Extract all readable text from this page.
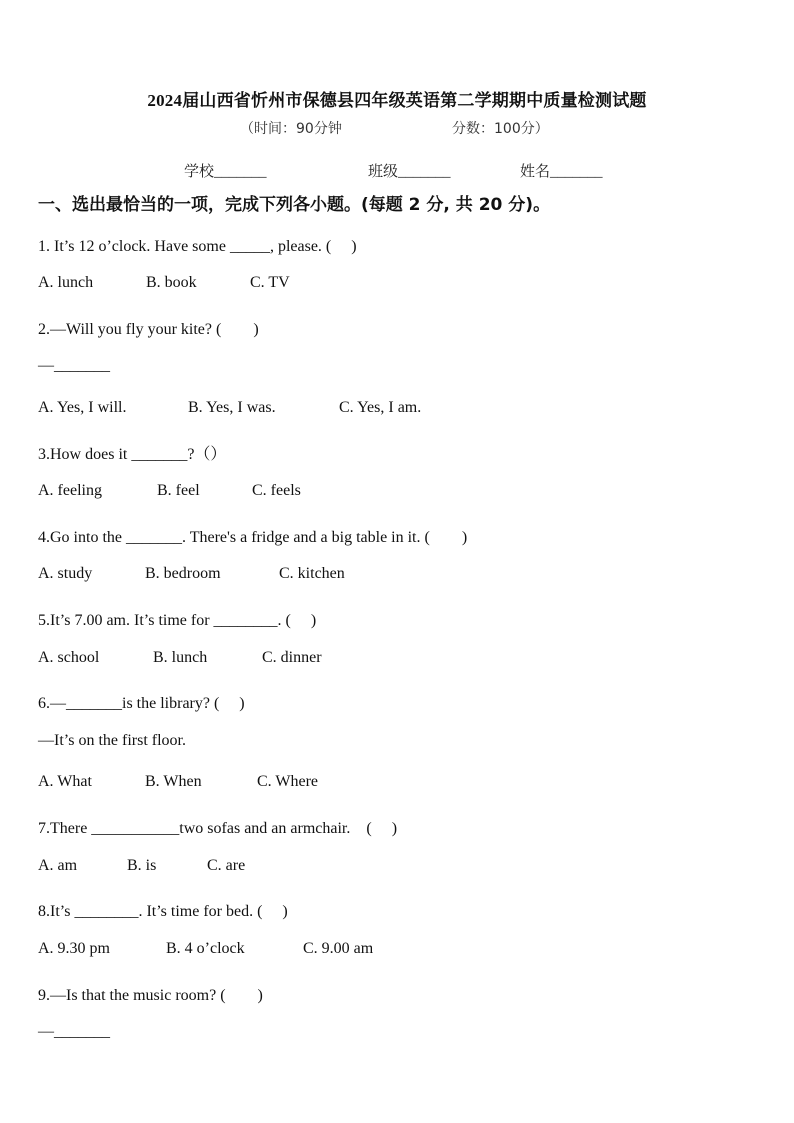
2024届山西省忻州市保德县四年级英语第二学期期中质量检测试题
（时间：90分钟	分数：100分）
学校_______	班级_______	姓名_______
一、选出最恰当的一项，完成下列各小题。(每题 2 分, 共 20 分)。
1. It’s 12 o’clock. Have some _____, please. (　 )
A. lunch	B. book	C. TV
2.—Will you fly your kite? (　　)
—_______
A. Yes, I will.	B. Yes, I was.	C. Yes, I am.
3.How does it _______?（）
A. feeling	B. feel	C. feels
4.Go into the _______. There's a fridge and a big table in it. (　　)
A. study	B. bedroom	C. kitchen
5.It’s 7.00 am. It’s time for ________. (　 )
A. school	B. lunch	C. dinner
6.—_______is the library? (　 )
—It’s on the first floor.
A. What	B. When	C. Where
7.There ___________two sofas and an armchair.　(　 )
A. am	B. is	C. are
8.It’s ________. It’s time for bed. (　 )
A. 9.30 pm	B. 4 o’clock	C. 9.00 am
9.—Is that the music room? (　　)
—_______
